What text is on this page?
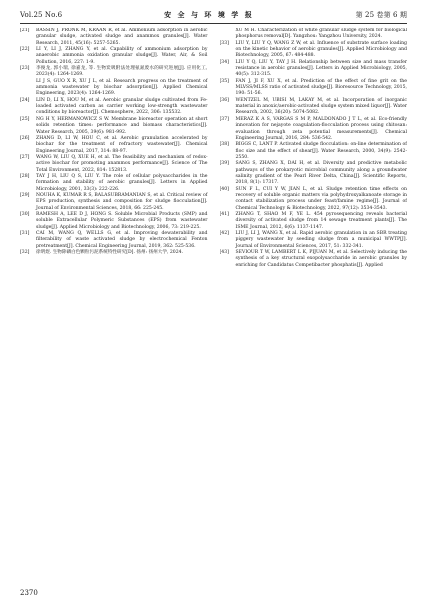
Vol.25 No.6	安 全 与 环 境 学 报	第 25 卷第 6 期
[21]	BASSIN J, PRONK M, KRAAN R, et al. Ammonium adsorption in aerobic granular sludge, activated sludge and anammox granules[J]. Water Research, 2011, 45(16): 5257-5265.
[22]	LI Y, LI J, ZHANG Y, et al. Capability of ammonium adsorption by anaerobic ammonia oxidation granular sludge[J]. Water, Air, & Soil Pollution, 2016, 227: 1-9.
[23]	李俊龙, 郭小瑞, 徐嘉龙, 等. 生物炭吸附法处理氨氮废水的研究进展[J]. 应用化工, 2023(4): 1264-1269.
LI J S, GUO X R, XU J L, et al. Research progress on the treatment of ammonia wastewater by biochar adsorption[J]. Applied Chemical Engineering, 2023(4): 1264-1269.
[24]	LIN D, LI X, HOU M, et al. Aerobic granular sludge cultivated from Fe-loaded activated carbon as carrier working low-strength wastewater conditions by bioreactor[J]. Chemosphere, 2022, 306: 135532.
[25]	NG H Y, HERMANOWICZ S W. Membrane bioreactor operation at short solids retention times: performance and biomass characteristics[J]. Water Research, 2005, 39(6): 981-992.
[26]	ZHANG D, LI W, HOU C, et al. Aerobic granulation accelerated by biochar for the treatment of refractory wastewater[J]. Chemical Engineering Journal, 2017, 314: 88-97.
[27]	WANG W, LIU Q, XUE H, et al. The feasibility and mechanism of redox-active biochar for promoting anammox performance[J]. Science of The Total Environment, 2022, 814: 152813.
[28]	TAY J H, LIU Q S, LIU Y. The role of cellular polysaccharides in the formation and stability of aerobic granules[J]. Letters in Applied Microbiology, 2001, 33(3): 222-226.
[29]	NOUHA K, KUMAR R S, BALASUBRAMANIAN S, et al. Critical review of EPS production, synthesis and composition for sludge flocculation[J]. Journal of Environmental Sciences, 2018, 66: 225-245.
[30]	RAMESH A, LEE D J, HONG S. Soluble Microbial Products (SMP) and soluble Extracellular Polymeric Substances (EPS) from wastewater sludge[J]. Applied Microbiology and Biotechnology, 2006, 73: 219-225.
[31]	CAI M, WANG Q, WELLS G, et al. Improving dewaterability and filterability of waste activated sludge by electrochemical Fenton pretreatment[J]. Chemical Engineering Journal, 2019, 362: 525-536.
[32]	徐明煜. 生物除磷白色颗粒污泥系统特性研究[D]. 扬州: 扬州大学, 2024.
XU M H. Characterization of white granular sludge system for biological phosphorus removal[D]. Yangzhou: Yangzhou University, 2024.
[33]	LIU Y, LIU Y Q, WANG Z W, et al. Influence of substrate surface loading on the kinetic behavior of aerobic granules[J]. Applied Microbiology and Biotechnology, 2005, 67: 484-488.
[34]	LIU Y Q, LIU Y, TAY J H. Relationship between size and mass transfer resistance in aerobic granules[J]. Letters in Applied Microbiology, 2005, 40(5): 312-315.
[35]	FAN J, JI F, XU X, et al. Prediction of the effect of fine grit on the MLVSS/MLSS ratio of activated sludge[J]. Bioresource Technology, 2015, 190: 51-56.
[36]	WENTZEL M, UBISI M, LAKAY M, et al. Incorporation of inorganic material in anoxic/aerobic-activated sludge system mixed liquor[J]. Water Research, 2002, 36(20): 5074-5082.
[37]	MERAZ K A S, VARGAS S M P, MALDONADO J T L, et al. Eco-friendly innovation for nejayote coagulation-flocculation process using chitosan: evaluation through zeta potential measurements[J]. Chemical Engineering Journal, 2016, 284: 536-542.
[38]	BIGGS C, LANT P. Activated sludge flocculation: on-line determination of floc size and the effect of shear[J]. Water Research, 2000, 34(9): 2542-2550.
[39]	SANG S, ZHANG X, DAI H, et al. Diversity and predictive metabolic pathways of the prokaryotic microbial community along a groundwater salinity gradient of the Pearl River Delta, China[J]. Scientific Reports, 2018, 8(1): 17317.
[40]	SUN F L, CUI Y W, JIAN L, et al. Sludge retention time effects on recovery of soluble organic matters via polyhydroxyalkanoate storage in contact stabilization process under feast/famine regime[J]. Journal of Chemical Technology & Biotechnology, 2022, 97(12): 3534-3543.
[41]	ZHANG T, SHAO M F, YE L. 454 pyrosequencing reveals bacterial diversity of activated sludge from 14 sewage treatment plants[J]. The ISME Journal, 2012, 6(6): 1137-1147.
[42]	LIU J, LI J, WANG X, et al. Rapid aerobic granulation in an SBR treating piggery wastewater by seeding sludge from a municipal WWTP[J]. Journal of Environmental Sciences, 2017, 51: 332-341.
[43]	SEVIOUR T W, LAMBERT L K, PIJUAN M, et al. Selectively inducing the synthesis of a key structural exopolysaccharide in aerobic granules by enriching for Candidatus Competibacter phosphatis[J]. Applied
2370
